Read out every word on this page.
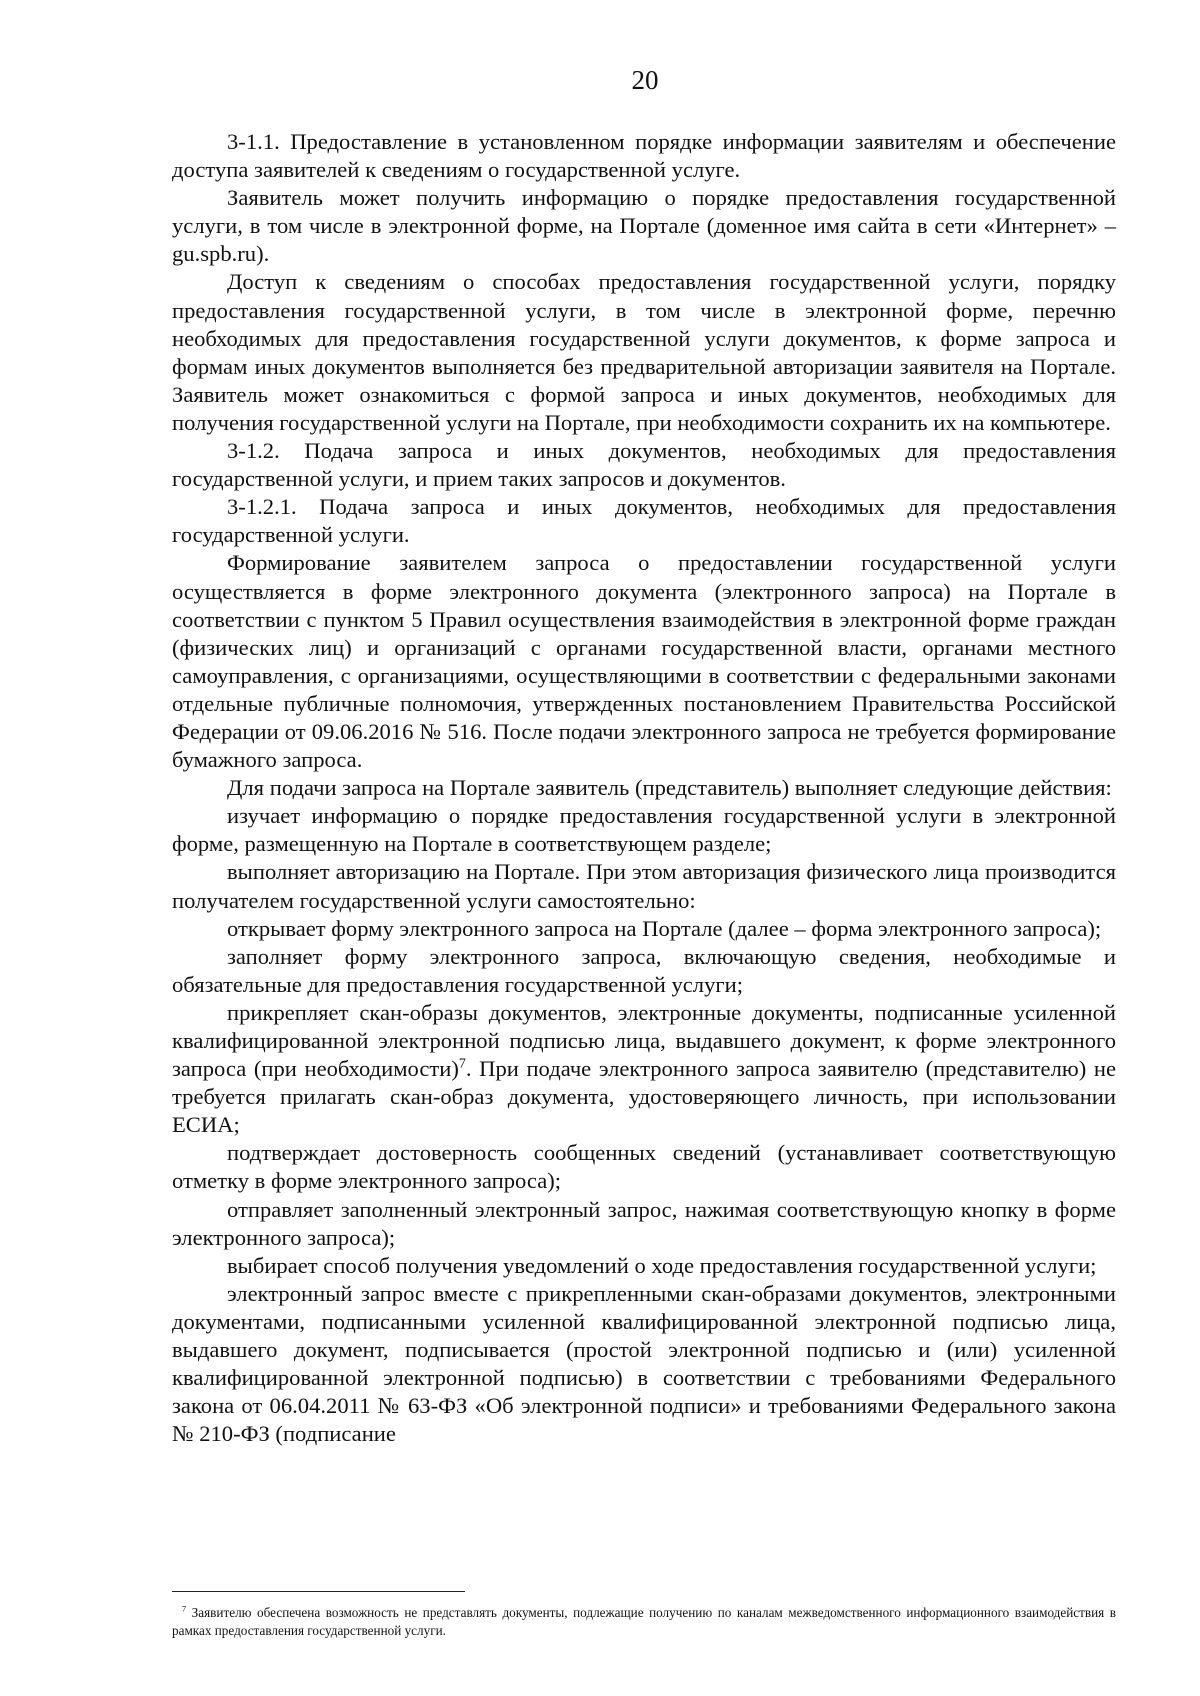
20

3-1.1. Предоставление в установленном порядке информации заявителям и обеспечение доступа заявителей к сведениям о государственной услуге.

Заявитель может получить информацию о порядке предоставления государственной услуги, в том числе в электронной форме, на Портале (доменное имя сайта в сети «Интернет» – gu.spb.ru).

Доступ к сведениям о способах предоставления государственной услуги, порядку предоставления государственной услуги, в том числе в электронной форме, перечню необходимых для предоставления государственной услуги документов, к форме запроса и формам иных документов выполняется без предварительной авторизации заявителя на Портале. Заявитель может ознакомиться с формой запроса и иных документов, необходимых для получения государственной услуги на Портале, при необходимости сохранить их на компьютере.

3-1.2. Подача запроса и иных документов, необходимых для предоставления государственной услуги, и прием таких запросов и документов.

3-1.2.1. Подача запроса и иных документов, необходимых для предоставления государственной услуги.

Формирование заявителем запроса о предоставлении государственной услуги осуществляется в форме электронного документа (электронного запроса) на Портале в соответствии с пунктом 5 Правил осуществления взаимодействия в электронной форме граждан (физических лиц) и организаций с органами государственной власти, органами местного самоуправления, с организациями, осуществляющими в соответствии с федеральными законами отдельные публичные полномочия, утвержденных постановлением Правительства Российской Федерации от 09.06.2016 № 516. После подачи электронного запроса не требуется формирование бумажного запроса.

Для подачи запроса на Портале заявитель (представитель) выполняет следующие действия:

изучает информацию о порядке предоставления государственной услуги в электронной форме, размещенную на Портале в соответствующем разделе;

выполняет авторизацию на Портале. При этом авторизация физического лица производится получателем государственной услуги самостоятельно:

открывает форму электронного запроса на Портале (далее – форма электронного запроса);

заполняет форму электронного запроса, включающую сведения, необходимые и обязательные для предоставления государственной услуги;

прикрепляет скан-образы документов, электронные документы, подписанные усиленной квалифицированной электронной подписью лица, выдавшего документ, к форме электронного запроса (при необходимости)$^7$. При подаче электронного запроса заявителю (представителю) не требуется прилагать скан-образ документа, удостоверяющего личность, при использовании ЕСИА;

подтверждает достоверность сообщенных сведений (устанавливает соответствующую отметку в форме электронного запроса);

отправляет заполненный электронный запрос, нажимая соответствующую кнопку в форме электронного запроса);

выбирает способ получения уведомлений о ходе предоставления государственной услуги;

электронный запрос вместе с прикрепленными скан-образами документов, электронными документами, подписанными усиленной квалифицированной электронной подписью лица, выдавшего документ, подписывается (простой электронной подписью и (или) усиленной квалифицированной электронной подписью) в соответствии с требованиями Федерального закона от 06.04.2011 № 63-ФЗ «Об электронной подписи» и требованиями Федерального закона № 210-ФЗ (подписание

$^7$ Заявителю обеспечена возможность не представлять документы, подлежащие получению по каналам межведомственного информационного взаимодействия в рамках предоставления государственной услуги.
